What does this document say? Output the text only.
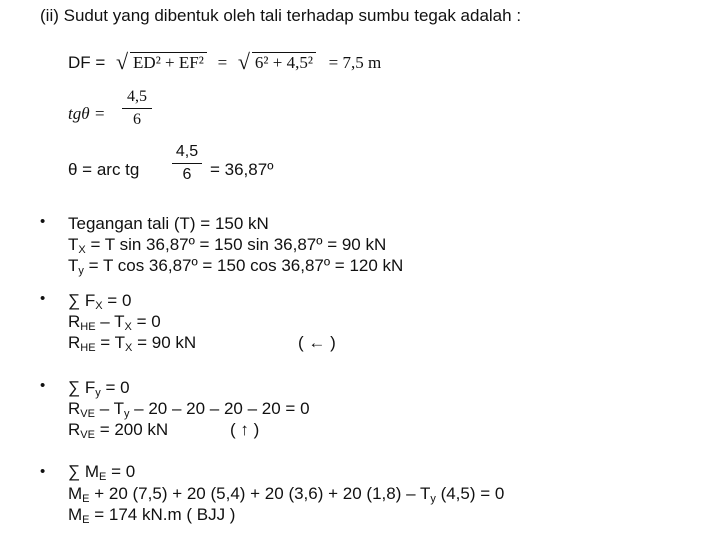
(ii) Sudut yang dibentuk oleh tali terhadap sumbu tegak adalah :
DF = √ ED² + EF² = √ 6² + 4,5² = 7,5 m
tgθ =
4,5
6
θ = arc tg
4,5
6	= 36,87º
• Tegangan tali (T) = 150 kN
$T_X = T$ sin 36,87º = 150 sin 36,87º = 90 kN
$T_y = T$ cos 36,87º = 150 cos 36,87º = 120 kN
• ∑ $F_X = 0$
$R_{HE} - T_X = 0$
$R_{HE} = T_X = 90$ kN	( ← )
• ∑ $F_y = 0$
$R_{VE} - T_y - 20 - 20 - 20 - 20 = 0$
$R_{VE} = 200$ kN	( ↑ )
• ∑ $M_E = 0$
$M_E + 20$ (7,5) + 20 (5,4) + 20 (3,6) + 20 $(1,8) - T_y$ (4,5) = 0
$M_E = 174$ kN.m ( BJJ )
